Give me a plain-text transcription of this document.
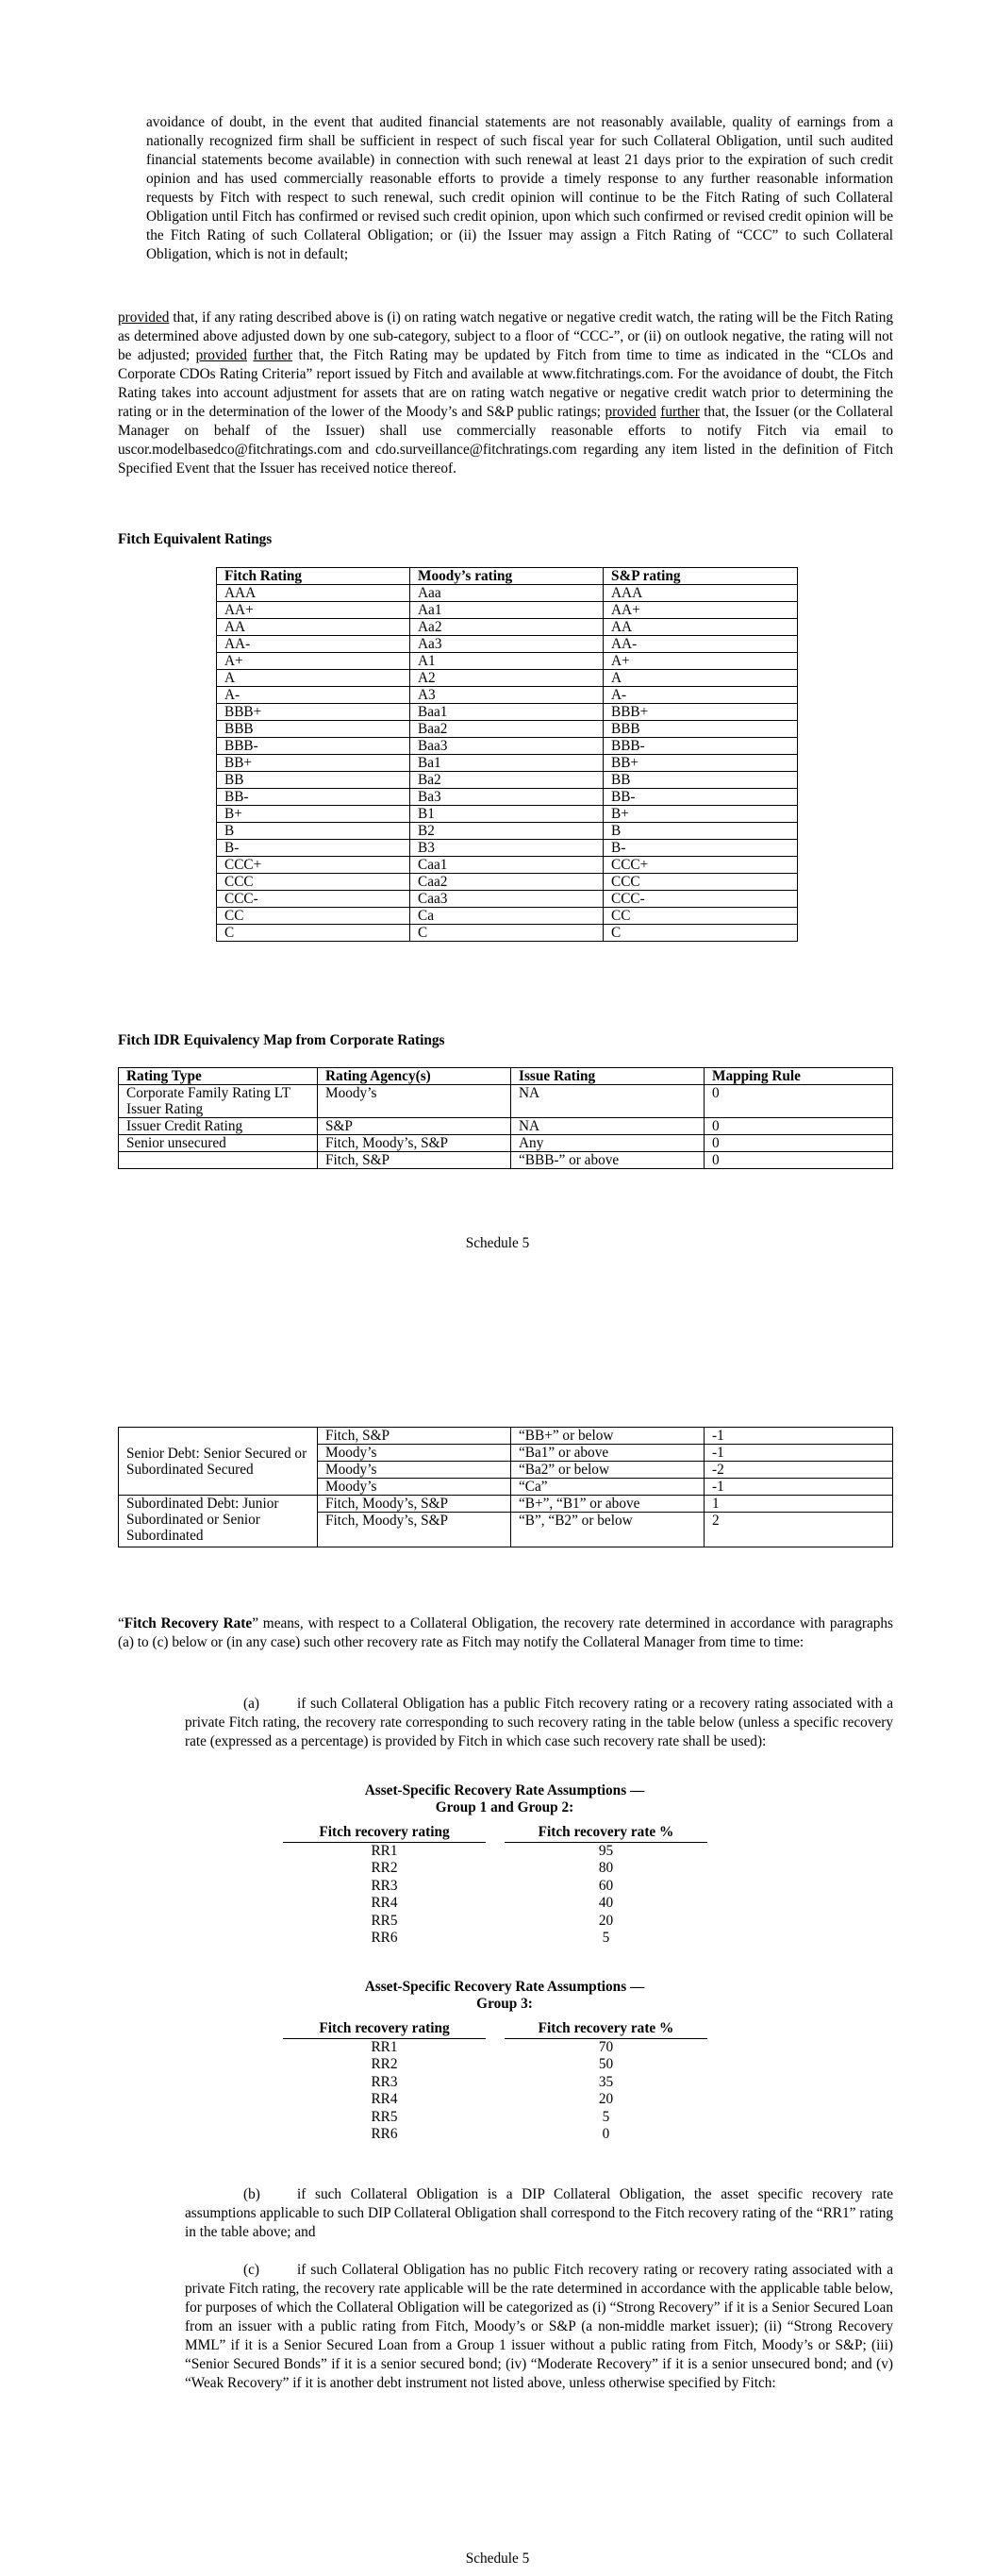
avoidance of doubt, in the event that audited financial statements are not reasonably available, quality of earnings from a nationally recognized firm shall be sufficient in respect of such fiscal year for such Collateral Obligation, until such audited financial statements become available) in connection with such renewal at least 21 days prior to the expiration of such credit opinion and has used commercially reasonable efforts to provide a timely response to any further reasonable information requests by Fitch with respect to such renewal, such credit opinion will continue to be the Fitch Rating of such Collateral Obligation until Fitch has confirmed or revised such credit opinion, upon which such confirmed or revised credit opinion will be the Fitch Rating of such Collateral Obligation; or (ii) the Issuer may assign a Fitch Rating of “CCC” to such Collateral Obligation, which is not in default;
provided that, if any rating described above is (i) on rating watch negative or negative credit watch, the rating will be the Fitch Rating as determined above adjusted down by one sub-category, subject to a floor of “CCC-”, or (ii) on outlook negative, the rating will not be adjusted; provided further that, the Fitch Rating may be updated by Fitch from time to time as indicated in the “CLOs and Corporate CDOs Rating Criteria” report issued by Fitch and available at www.fitchratings.com. For the avoidance of doubt, the Fitch Rating takes into account adjustment for assets that are on rating watch negative or negative credit watch prior to determining the rating or in the determination of the lower of the Moody’s and S&P public ratings; provided further that, the Issuer (or the Collateral Manager on behalf of the Issuer) shall use commercially reasonable efforts to notify Fitch via email to uscor.modelbasedco@fitchratings.com and cdo.surveillance@fitchratings.com regarding any item listed in the definition of Fitch Specified Event that the Issuer has received notice thereof.
Fitch Equivalent Ratings
Fitch Rating	Moody’s rating	S&P rating
AAA	Aaa	AAA
AA+	Aa1	AA+
AA	Aa2	AA
AA-	Aa3	AA-
A+	A1	A+
A	A2	A
A-	A3	A-
BBB+	Baa1	BBB+
BBB	Baa2	BBB
BBB-	Baa3	BBB-
BB+	Ba1	BB+
BB	Ba2	BB
BB-	Ba3	BB-
B+	B1	B+
B	B2	B
B-	B3	B-
CCC+	Caa1	CCC+
CCC	Caa2	CCC
CCC-	Caa3	CCC-
CC	Ca	CC
C	C	C
Fitch IDR Equivalency Map from Corporate Ratings
Rating Type	Rating Agency(s)	Issue Rating	Mapping Rule
Corporate Family Rating LT Issuer Rating	Moody’s	NA	0
Issuer Credit Rating	S&P	NA	0
Senior unsecured	Fitch, Moody’s, S&P	Any	0
	Fitch, S&P	“BBB-” or above	0
Schedule 5
Senior Debt: Senior Secured or Subordinated Secured	Fitch, S&P	“BB+” or below	-1
	Moody’s	“Ba1” or above	-1
	Moody’s	“Ba2” or below	-2
	Moody’s	“Ca”	-1
Subordinated Debt: Junior Subordinated or Senior Subordinated	Fitch, Moody’s, S&P	“B+”, “B1” or above	1
	Fitch, Moody’s, S&P	“B”, “B2” or below	2
“Fitch Recovery Rate” means, with respect to a Collateral Obligation, the recovery rate determined in accordance with paragraphs (a) to (c) below or (in any case) such other recovery rate as Fitch may notify the Collateral Manager from time to time:
(a)	if such Collateral Obligation has a public Fitch recovery rating or a recovery rating associated with a private Fitch rating, the recovery rate corresponding to such recovery rating in the table below (unless a specific recovery rate (expressed as a percentage) is provided by Fitch in which case such recovery rate shall be used):
Asset-Specific Recovery Rate Assumptions —
Group 1 and Group 2:
Fitch recovery rating	Fitch recovery rate %
RR1	95
RR2	80
RR3	60
RR4	40
RR5	20
RR6	5
Asset-Specific Recovery Rate Assumptions —
Group 3:
Fitch recovery rating	Fitch recovery rate %
RR1	70
RR2	50
RR3	35
RR4	20
RR5	5
RR6	0
(b)	if such Collateral Obligation is a DIP Collateral Obligation, the asset specific recovery rate assumptions applicable to such DIP Collateral Obligation shall correspond to the Fitch recovery rating of the “RR1” rating in the table above; and
(c)	if such Collateral Obligation has no public Fitch recovery rating or recovery rating associated with a private Fitch rating, the recovery rate applicable will be the rate determined in accordance with the applicable table below, for purposes of which the Collateral Obligation will be categorized as (i) “Strong Recovery” if it is a Senior Secured Loan from an issuer with a public rating from Fitch, Moody’s or S&P (a non-middle market issuer); (ii) “Strong Recovery MML” if it is a Senior Secured Loan from a Group 1 issuer without a public rating from Fitch, Moody’s or S&P; (iii) “Senior Secured Bonds” if it is a senior secured bond; (iv) “Moderate Recovery” if it is a senior unsecured bond; and (v) “Weak Recovery” if it is another debt instrument not listed above, unless otherwise specified by Fitch:
Schedule 5
